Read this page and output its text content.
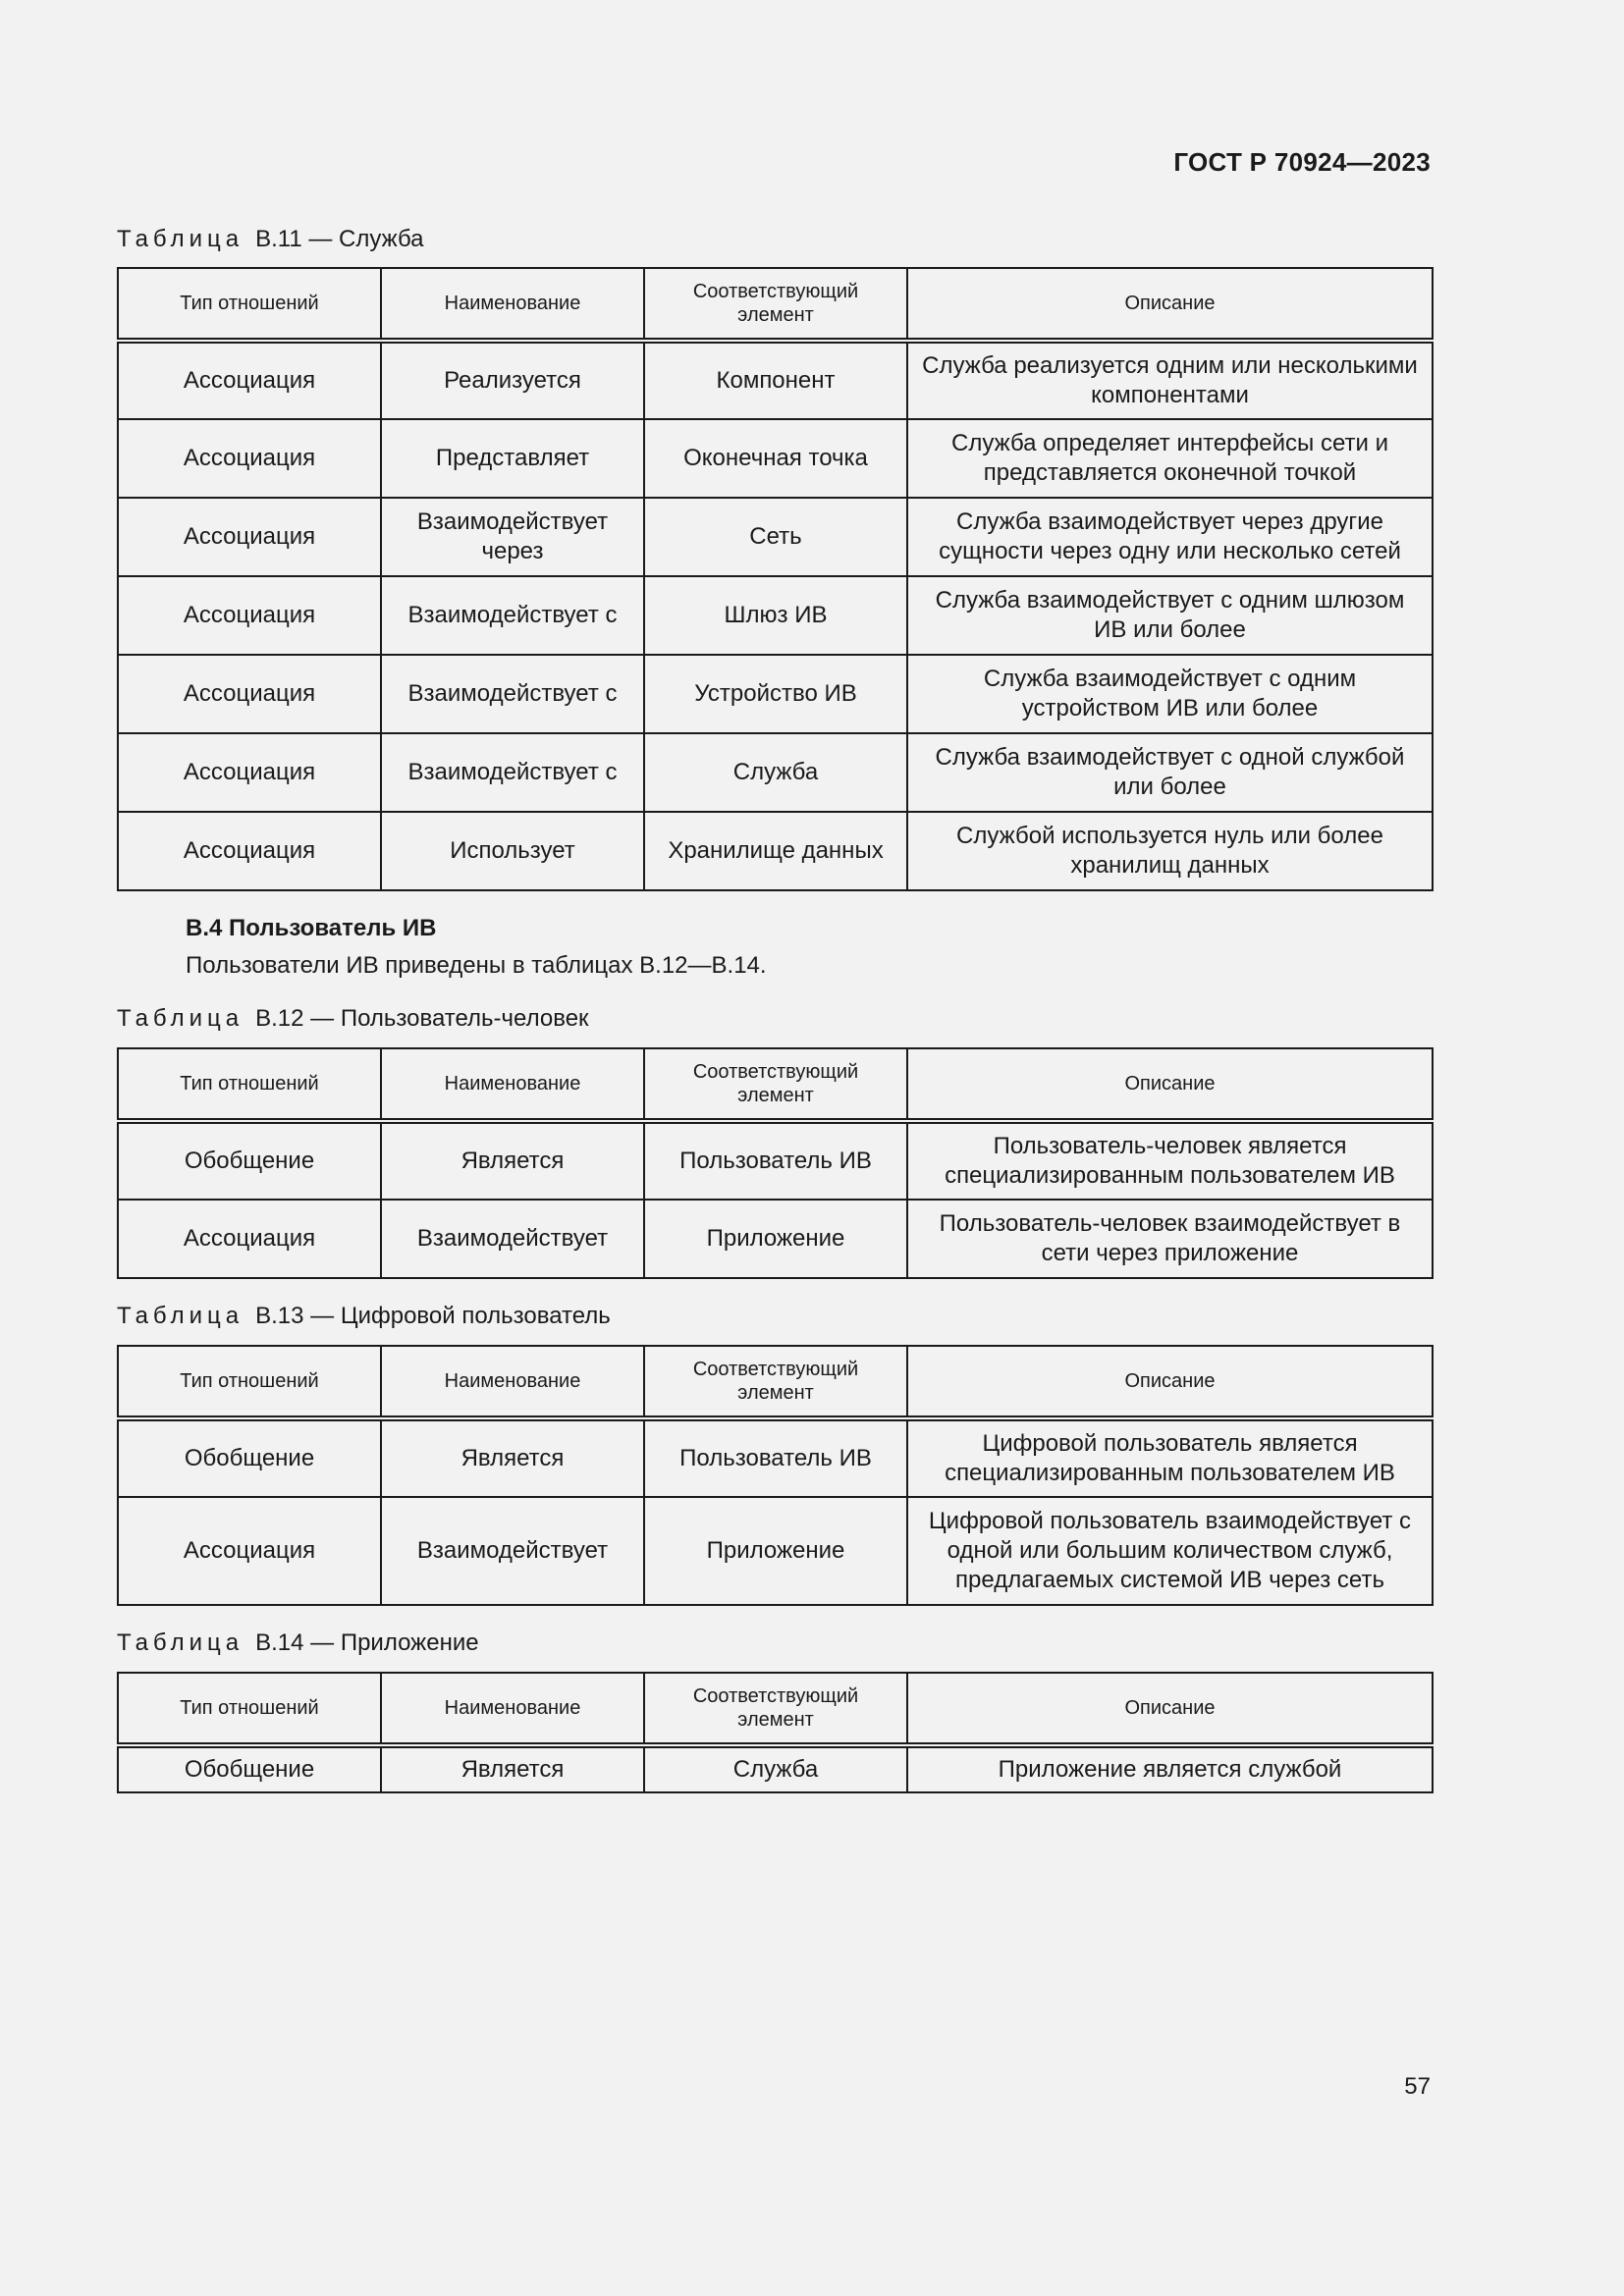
ГОСТ Р 70924—2023
Таблица В.11 — Служба
Тип отношений	Наименование	Соответствующий элемент	Описание
Ассоциация	Реализуется	Компонент	Служба реализуется одним или несколькими компонентами
Ассоциация	Представляет	Оконечная точка	Служба определяет интерфейсы сети и представляется оконечной точкой
Ассоциация	Взаимодействует через	Сеть	Служба взаимодействует через другие сущности через одну или несколько сетей
Ассоциация	Взаимодействует с	Шлюз ИВ	Служба взаимодействует с одним шлюзом ИВ или более
Ассоциация	Взаимодействует с	Устройство ИВ	Служба взаимодействует с одним устройством ИВ или более
Ассоциация	Взаимодействует с	Служба	Служба взаимодействует с одной службой или более
Ассоциация	Использует	Хранилище данных	Службой используется нуль или более хранилищ данных
В.4 Пользователь ИВ
Пользователи ИВ приведены в таблицах В.12—В.14.
Таблица В.12 — Пользователь-человек
Тип отношений	Наименование	Соответствующий элемент	Описание
Обобщение	Является	Пользователь ИВ	Пользователь-человек является специализированным пользователем ИВ
Ассоциация	Взаимодействует	Приложение	Пользователь-человек взаимодействует в сети через приложение
Таблица В.13 — Цифровой пользователь
Тип отношений	Наименование	Соответствующий элемент	Описание
Обобщение	Является	Пользователь ИВ	Цифровой пользователь является специализированным пользователем ИВ
Ассоциация	Взаимодействует	Приложение	Цифровой пользователь взаимодействует с одной или большим количеством служб, предлагаемых системой ИВ через сеть
Таблица В.14 — Приложение
Тип отношений	Наименование	Соответствующий элемент	Описание
Обобщение	Является	Служба	Приложение является службой
57
